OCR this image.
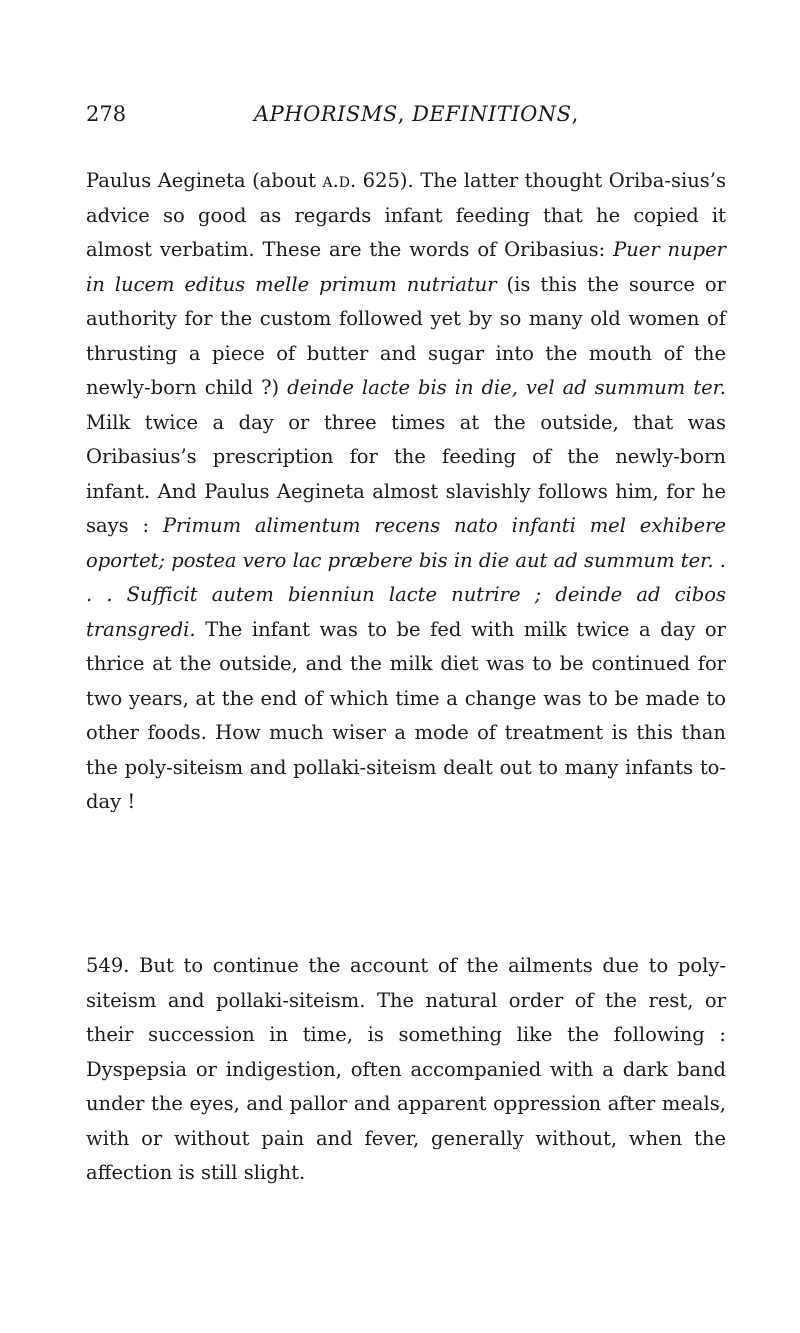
278	APHORISMS, DEFINITIONS,

Paulus Aegineta (about a.d. 625). The latter thought Oriba-sius’s advice so good as regards infant feeding that he copied it almost verbatim. These are the words of Oribasius: Puer nuper in lucem editus melle primum nutriatur (is this the source or authority for the custom followed yet by so many old women of thrusting a piece of butter and sugar into the mouth of the newly-born child ?) deinde lacte bis in die, vel ad summum ter. Milk twice a day or three times at the outside, that was Oribasius’s prescription for the feeding of the newly-born infant. And Paulus Aegineta almost slavishly follows him, for he says : Primum alimentum recens nato infanti mel exhibere oportet; postea vero lac præbere bis in die aut ad summum ter. . . . Sufficit autem bienniun lacte nutrire ; deinde ad cibos transgredi. The infant was to be fed with milk twice a day or thrice at the outside, and the milk diet was to be continued for two years, at the end of which time a change was to be made to other foods. How much wiser a mode of treatment is this than the poly-siteism and pollaki-siteism dealt out to many infants to-day !

549. But to continue the account of the ailments due to poly-siteism and pollaki-siteism. The natural order of the rest, or their succession in time, is something like the following : Dyspepsia or indigestion, often accompanied with a dark band under the eyes, and pallor and apparent oppression after meals, with or without pain and fever, generally without, when the affection is still slight.
